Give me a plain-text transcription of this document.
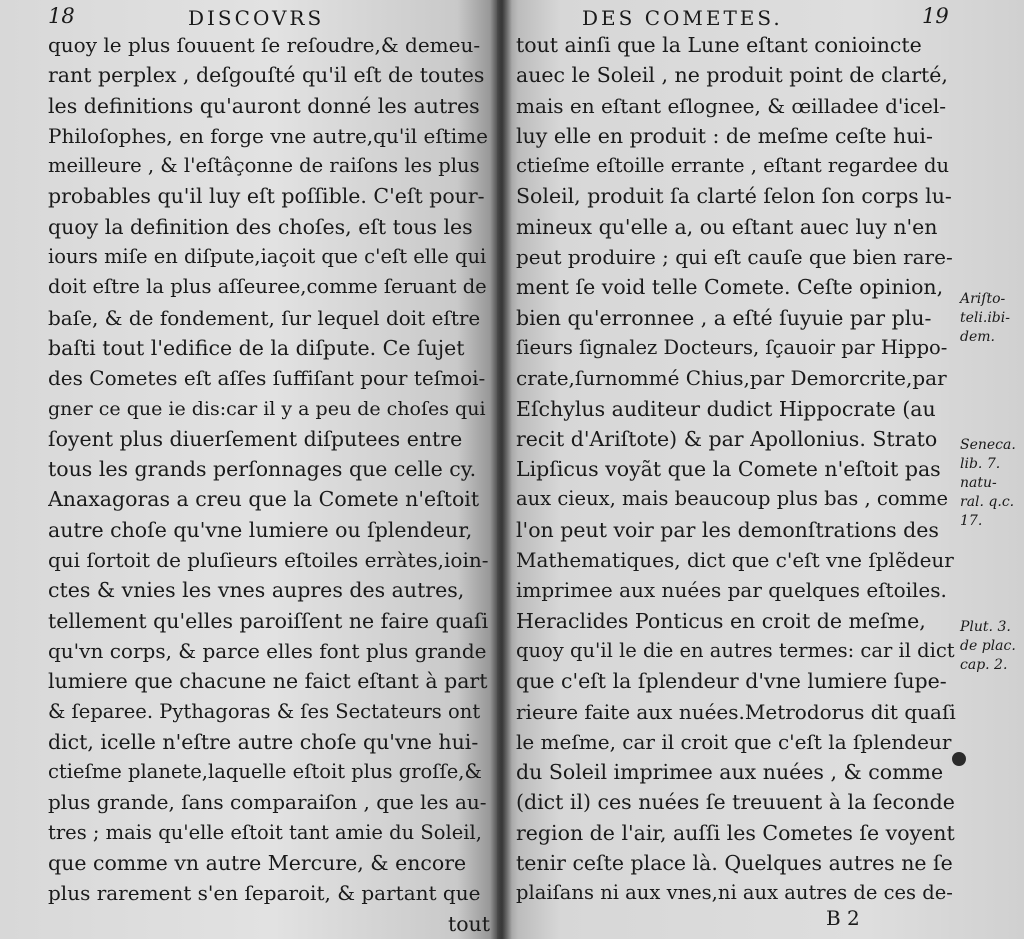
18	DISCOVRS
quoy le plus ſouuent ſe reſoudre,& demeu-
rant perplex , deſgouſté qu'il eſt de toutes
les definitions qu'auront donné les autres
Philoſophes, en forge vne autre,qu'il eſtime
meilleure , & l'eſtâçonne de raiſons les plus
probables qu'il luy eſt poſſible. C'eſt pour-
quoy la definition des choſes, eſt tous les
iours miſe en diſpute,iaçoit que c'eſt elle qui
doit eſtre la plus aſſeuree,comme ſeruant de
baſe, & de fondement, ſur lequel doit eſtre
baſti tout l'edifice de la diſpute. Ce ſujet
des Cometes eſt aſſes ſuffiſant pour teſmoi-
gner ce que ie dis:car il y a peu de choſes qui
ſoyent plus diuerſement diſputees entre
tous les grands perſonnages que celle cy.
Anaxagoras a creu que la Comete n'eſtoit
autre choſe qu'vne lumiere ou ſplendeur,
qui ſortoit de pluſieurs eſtoiles erràtes,ioin-
ctes & vnies les vnes aupres des autres,
tellement qu'elles paroiſſent ne faire quaſi
qu'vn corps, & parce elles font plus grande
lumiere que chacune ne faict eſtant à part
& ſeparee. Pythagoras & ſes Sectateurs ont
dict, icelle n'eſtre autre choſe qu'vne hui-
ctieſme planete,laquelle eſtoit plus groſſe,&
plus grande, ſans comparaiſon , que les au-
tres ; mais qu'elle eſtoit tant amie du Soleil,
que comme vn autre Mercure, & encore
plus rarement s'en ſeparoit, & partant que
tout
DES COMETES.	19
tout ainſi que la Lune eſtant conioincte
auec le Soleil , ne produit point de clarté,
mais en eſtant eſlognee, & œilladee d'icel-
luy elle en produit : de meſme ceſte hui-
ctieſme eſtoille errante , eſtant regardee du
Soleil, produit ſa clarté ſelon ſon corps lu-
mineux qu'elle a, ou eſtant auec luy n'en
peut produire ; qui eſt cauſe que bien rare-
ment ſe void telle Comete. Ceſte opinion,
bien qu'erronnee , a eſté ſuyuie par plu-
ſieurs ſignalez Docteurs, ſçauoir par Hippo-
crate,ſurnommé Chius,par Demorcrite,par
Eſchylus auditeur dudict Hippocrate (au
recit d'Ariſtote) & par Apollonius. Strato
Lipſicus voyãt que la Comete n'eſtoit pas
aux cieux, mais beaucoup plus bas , comme
l'on peut voir par les demonſtrations des
Mathematiques, dict que c'eſt vne ſplẽdeur
imprimee aux nuées par quelques eſtoiles.
Heraclides Ponticus en croit de meſme,
quoy qu'il le die en autres termes: car il dict
que c'eſt la ſplendeur d'vne lumiere ſupe-
rieure faite aux nuées.Metrodorus dit quaſi
le meſme, car il croit que c'eſt la ſplendeur
du Soleil imprimee aux nuées , & comme
(dict il) ces nuées ſe treuuent à la ſeconde
region de l'air, auſſi les Cometes ſe voyent
tenir ceſte place là. Quelques autres ne ſe
plaiſans ni aux vnes,ni aux autres de ces de-
Ariſto-
teli.ibi-
dem.
Seneca.
lib. 7.
natu-
ral. q.c.
17.
Plut. 3.
de plac.
cap. 2.
B 2
